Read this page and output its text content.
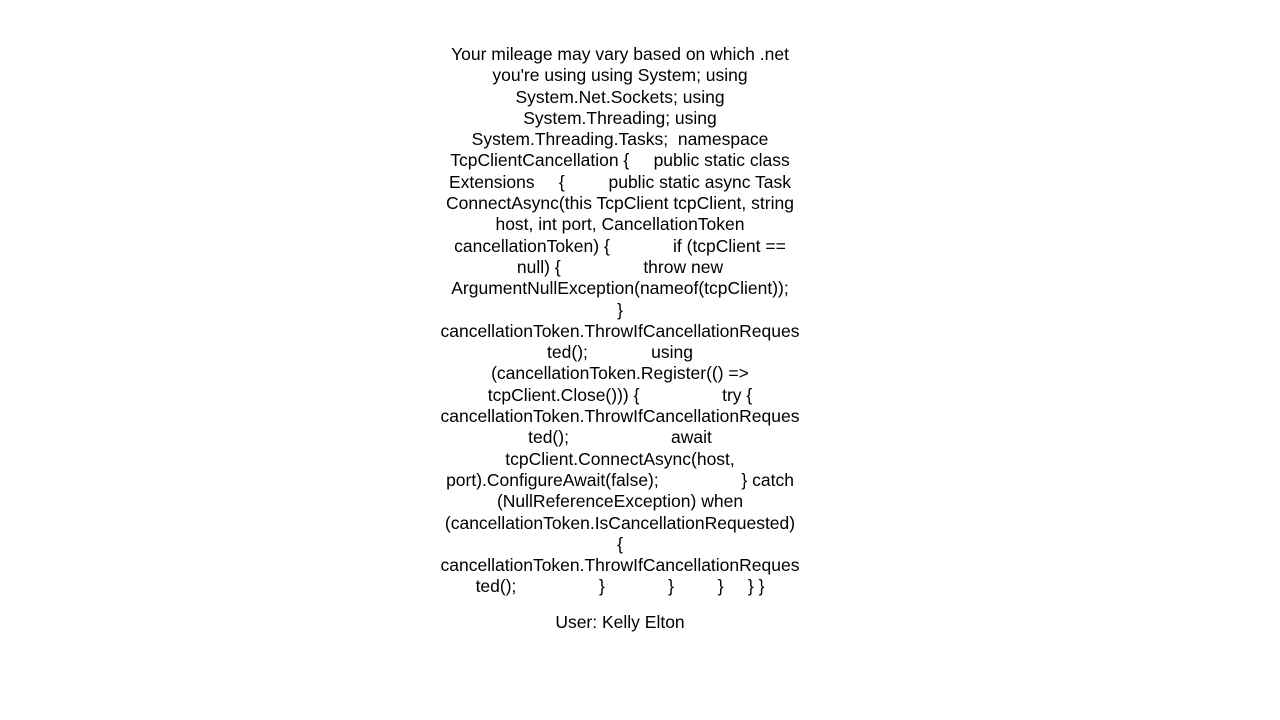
Your mileage may vary based on which .net you're using using System; using System.Net.Sockets; using System.Threading; using System.Threading.Tasks;  namespace TcpClientCancellation {     public static class Extensions     {         public static async Task ConnectAsync(this TcpClient tcpClient, string host, int port, CancellationToken cancellationToken) {             if (tcpClient == null) {                 throw new ArgumentNullException(nameof(tcpClient));             }             cancellationToken.ThrowIfCancellationRequested();             using (cancellationToken.Register(() => tcpClient.Close())) {                 try {                     cancellationToken.ThrowIfCancellationRequested();                     await tcpClient.ConnectAsync(host, port).ConfigureAwait(false);                 } catch (NullReferenceException) when (cancellationToken.IsCancellationRequested) {                     cancellationToken.ThrowIfCancellationRequested();                 }             }         }     } }
User: Kelly Elton
